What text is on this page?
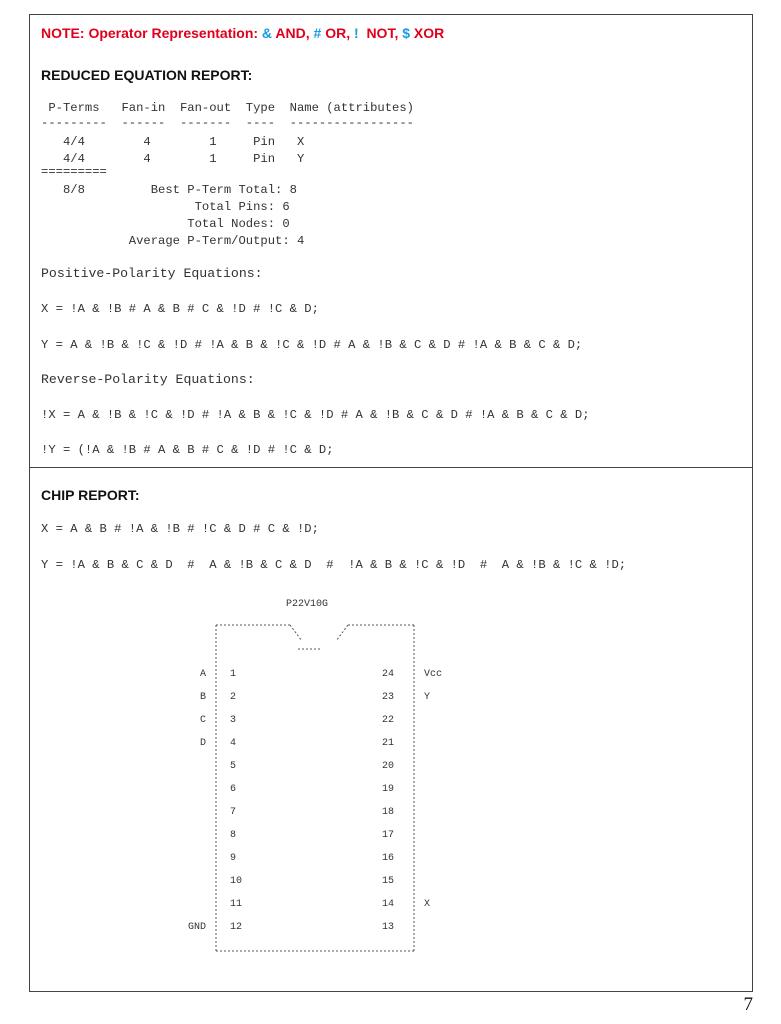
NOTE: Operator Representation: & AND, # OR, !  NOT, $ XOR
REDUCED EQUATION REPORT:
P-Terms   Fan-in  Fan-out  Type  Name (attributes)
---------  ------  -------  ----  -----------------
4/4        4        1     Pin   X
4/4        4        1     Pin   Y
=========
8/8         Best P-Term Total: 8
Total Pins: 6
Total Nodes: 0
Average P-Term/Output: 4
Positive-Polarity Equations:
X = !A & !B # A & B # C & !D # !C & D;
Y = A & !B & !C & !D # !A & B & !C & !D # A & !B & C & D # !A & B & C & D;
Reverse-Polarity Equations:
!X = A & !B & !C & !D # !A & B & !C & !D # A & !B & C & D # !A & B & C & D;
!Y = (!A & !B # A & B # C & !D # !C & D;
CHIP REPORT:
X = A & B # !A & !B # !C & D # C & !D;
Y = !A & B & C & D  #  A & !B & C & D  #  !A & B & !C & !D  #  A & !B & !C & !D;
P22V10G
A 1	24	Vcc
B 2	23	Y
C 3	22
D 4	21
5	20
6	19
7	18
8	17
9	16
10	15
11	14	X
GND 12	13
7
